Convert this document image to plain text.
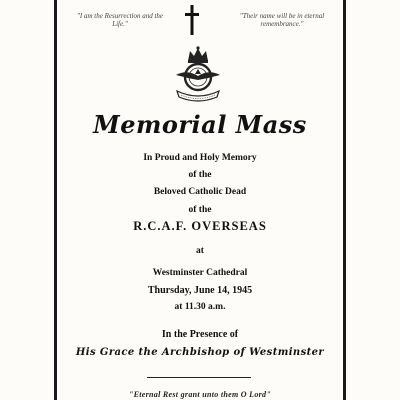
"I am the Resurrection and the Life."
"Their name will be in eternal remembrance."
Memorial Mass
In Proud and Holy Memory
of the
Beloved Catholic Dead
of the
R.C.A.F. OVERSEAS
at
Westminster Cathedral
Thursday, June 14, 1945
at 11.30 a.m.
In the Presence of
His Grace the Archbishop of Westminster
"Eternal Rest grant unto them O Lord"
